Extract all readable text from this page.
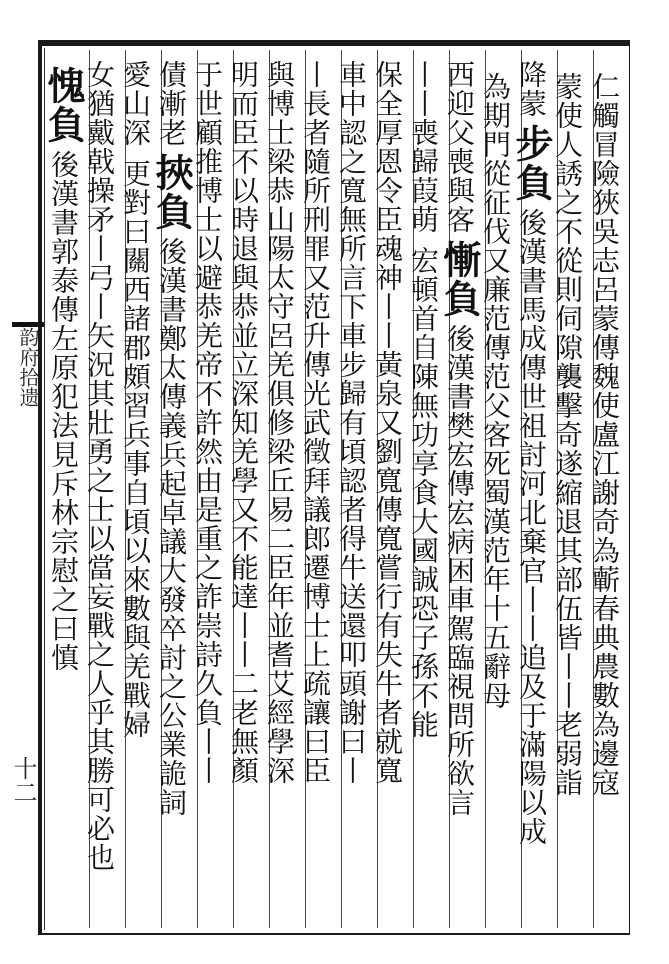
韵府拾遗
十二	仁觸冒險狹吳志呂蒙傳魏使盧江謝奇為蘄春典農數為邊寇
蒙使人誘之不從則伺隙襲擊奇遂縮退其部伍皆丨丨老弱詣
降蒙步負後漢書馬成傳世祖討河北棄官丨丨追及于滿陽以成
為期門從征伐又廉范傳范父客死蜀漢范年十五辭母
西迎父喪與客慚負後漢書樊宏傳宏病困車駕臨視問所欲言
丨丨喪歸葭萌宏頓首自陳無功享食大國誠恐子孫不能
保全厚恩令臣魂神丨丨黃泉又劉寬傳寬嘗行有失牛者就寬
車中認之寬無所言下車步歸有頃認者得牛送還叩頭謝曰丨
丨長者隨所刑罪又范升傳光武徵拜議郎遷博士上疏讓曰臣
與博士梁恭山陽太守呂羌俱修梁丘易二臣年並耆艾經學深
明而臣不以時退與恭並立深知羌學又不能達丨丨二老無顏
于世顧推博士以避恭羌帝不許然由是重之詐崇詩久負丨丨
債漸老挾負後漢書鄭太傳義兵起卓議大發卒討之公業詭詞
愛山深更對曰關西諸郡頗習兵事自頃以來數與羌戰婦
女猶戴戟操矛丨弓丨矢況其壯勇之士以當妄戰之人乎其勝可必也
愧負後漢書郭泰傳左原犯法見斥林宗慰之曰慎
